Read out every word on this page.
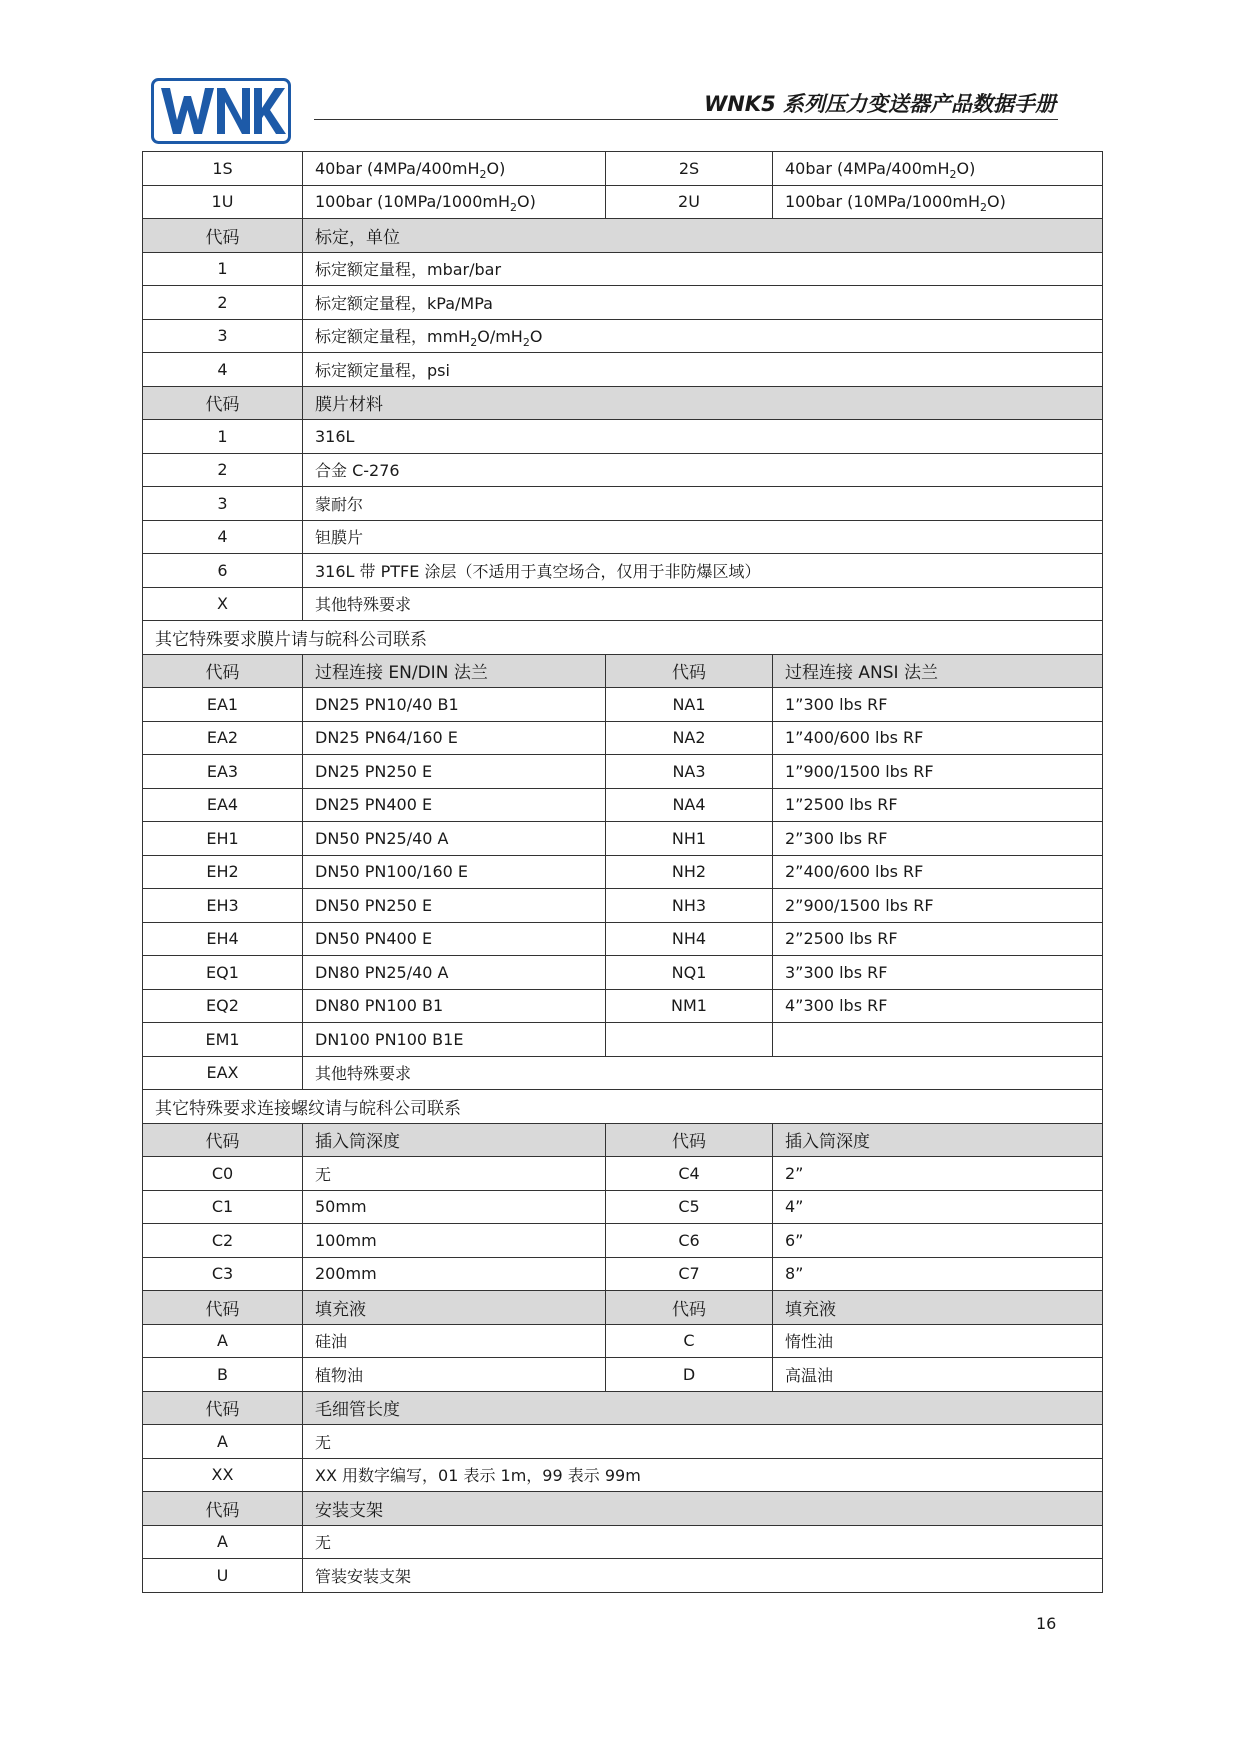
WNK5 系列压力变送器产品数据手册
1S	40bar $(4MPa/400mH_2O)$	2S	40bar $(4MPa/400mH_2O)$
1U	100bar $(10MPa/1000mH_2O)$	2U	100bar $(10MPa/1000mH_2O)$
代码	标定，单位		
1	标定额定量程，mbar/bar		
2	标定额定量程，kPa/MPa		
3	标定额定量程，$mmH_2O/mH_2O$		
4	标定额定量程，psi		
代码	膜片材料		
1	316L		
2	合金 C-276		
3	蒙耐尔		
4	钽膜片		
6	316L 带 PTFE 涂层（不适用于真空场合，仅用于非防爆区域）		
X	其他特殊要求		
其它特殊要求膜片请与皖科公司联系			
代码	过程连接 EN/DIN 法兰	代码	过程连接 ANSI 法兰
EA1	DN25 PN10/40 B1	NA1	1”300 lbs RF
EA2	DN25 PN64/160 E	NA2	1”400/600 lbs RF
EA3	DN25 PN250 E	NA3	1”900/1500 lbs RF
EA4	DN25 PN400 E	NA4	1”2500 lbs RF
EH1	DN50 PN25/40 A	NH1	2”300 lbs RF
EH2	DN50 PN100/160 E	NH2	2”400/600 lbs RF
EH3	DN50 PN250 E	NH3	2”900/1500 lbs RF
EH4	DN50 PN400 E	NH4	2”2500 lbs RF
EQ1	DN80 PN25/40 A	NQ1	3”300 lbs RF
EQ2	DN80 PN100 B1	NM1	4”300 lbs RF
EM1	DN100 PN100 B1E		
EAX	其他特殊要求		
其它特殊要求连接螺纹请与皖科公司联系			
代码	插入筒深度	代码	插入筒深度
C0	无	C4	2”
C1	50mm	C5	4”
C2	100mm	C6	6”
C3	200mm	C7	8”
代码	填充液	代码	填充液
A	硅油	C	惰性油
B	植物油	D	高温油
代码	毛细管长度		
A	无		
XX	XX 用数字编写，01 表示 1m，99 表示 99m		
代码	安装支架		
A	无		
U	管装安装支架		
16
